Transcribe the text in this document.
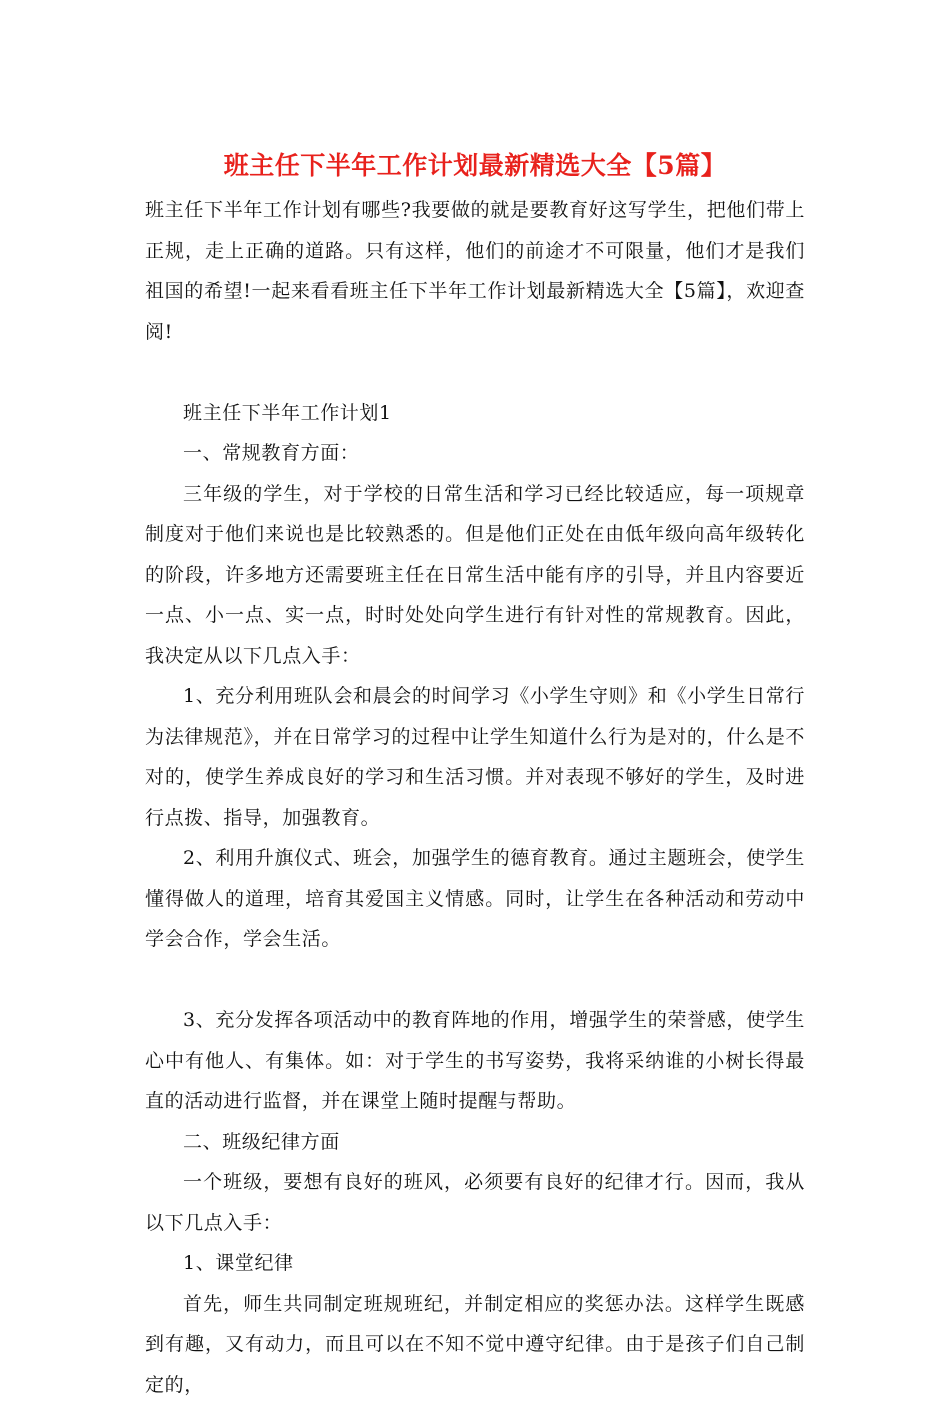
班主任下半年工作计划最新精选大全【5篇】

班主任下半年工作计划有哪些?我要做的就是要教育好这写学生，把他们带上正规，走上正确的道路。只有这样，他们的前途才不可限量，他们才是我们祖国的希望!一起来看看班主任下半年工作计划最新精选大全【5篇】，欢迎查阅!

班主任下半年工作计划1

一、常规教育方面：

三年级的学生，对于学校的日常生活和学习已经比较适应，每一项规章制度对于他们来说也是比较熟悉的。但是他们正处在由低年级向高年级转化的阶段，许多地方还需要班主任在日常生活中能有序的引导，并且内容要近一点、小一点、实一点，时时处处向学生进行有针对性的常规教育。因此，我决定从以下几点入手：

1、充分利用班队会和晨会的时间学习《小学生守则》和《小学生日常行为法律规范》，并在日常学习的过程中让学生知道什么行为是对的，什么是不对的，使学生养成良好的学习和生活习惯。并对表现不够好的学生，及时进行点拨、指导，加强教育。

2、利用升旗仪式、班会，加强学生的德育教育。通过主题班会，使学生懂得做人的道理，培育其爱国主义情感。同时，让学生在各种活动和劳动中学会合作，学会生活。

3、充分发挥各项活动中的教育阵地的作用，增强学生的荣誉感，使学生心中有他人、有集体。如：对于学生的书写姿势，我将采纳谁的小树长得最直的活动进行监督，并在课堂上随时提醒与帮助。

二、班级纪律方面

一个班级，要想有良好的班风，必须要有良好的纪律才行。因而，我从以下几点入手：

1、课堂纪律

首先，师生共同制定班规班纪，并制定相应的奖惩办法。这样学生既感到有趣，又有动力，而且可以在不知不觉中遵守纪律。由于是孩子们自己制定的，
